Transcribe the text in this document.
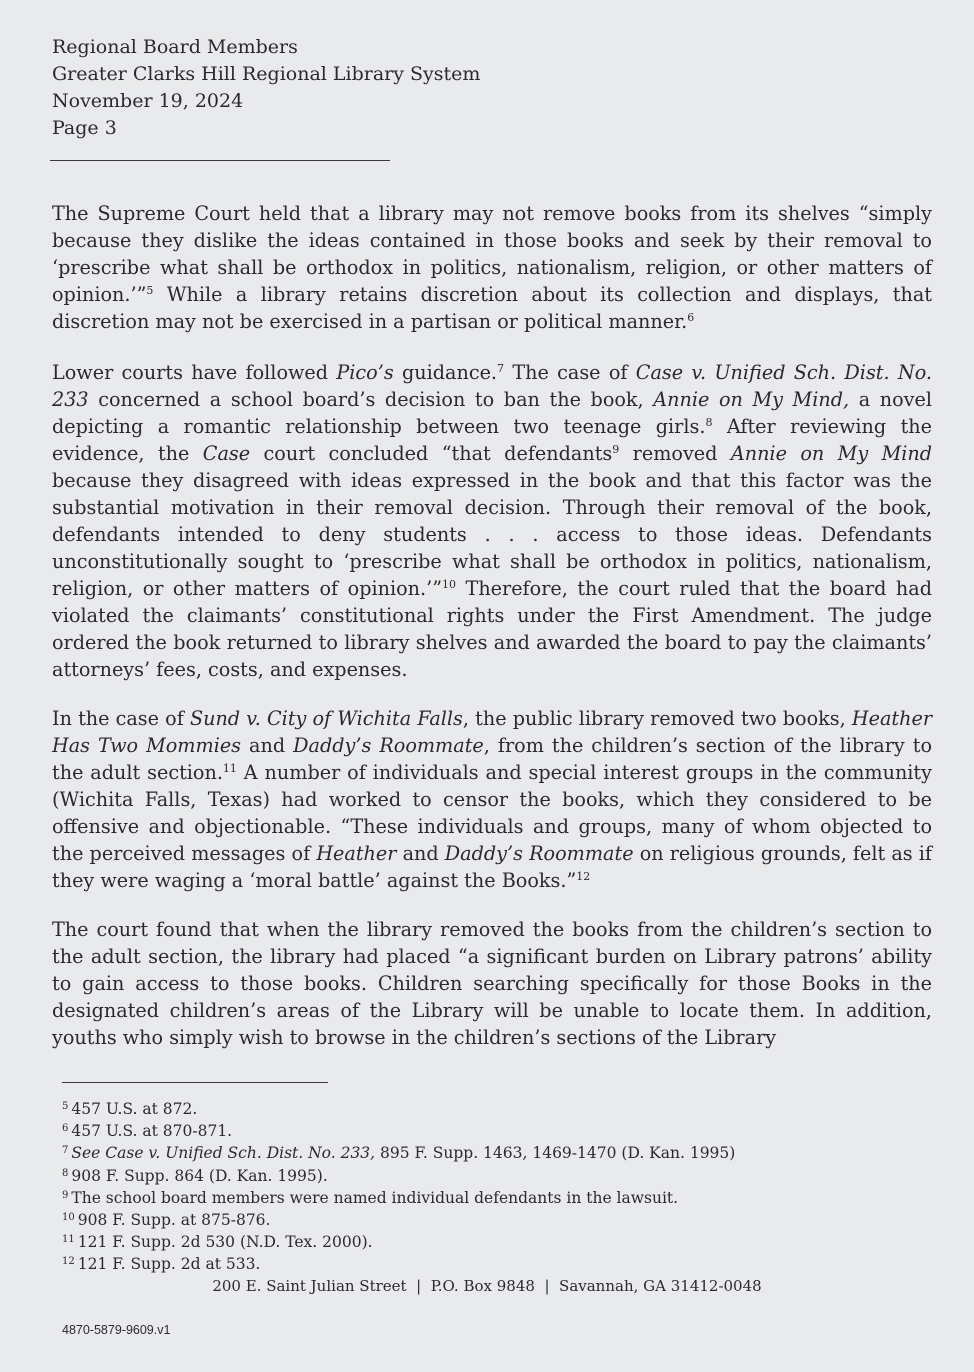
Regional Board Members
Greater Clarks Hill Regional Library System
November 19, 2024
Page 3

The Supreme Court held that a library may not remove books from its shelves “simply because they dislike the ideas contained in those books and seek by their removal to ‘prescribe what shall be orthodox in politics, nationalism, religion, or other matters of opinion.’”$^5$ While a library retains discretion about its collection and displays, that discretion may not be exercised in a partisan or political manner.$^6$

Lower courts have followed Pico’s guidance.$^7$ The case of Case v. Unified Sch. Dist. No. 233 concerned a school board’s decision to ban the book, Annie on My Mind, a novel depicting a romantic relationship between two teenage girls.$^8$ After reviewing the evidence, the Case court concluded “that defendants$^9$ removed Annie on My Mind because they disagreed with ideas expressed in the book and that this factor was the substantial motivation in their removal decision. Through their removal of the book, defendants intended to deny students . . . access to those ideas. Defendants unconstitutionally sought to ‘prescribe what shall be orthodox in politics, nationalism, religion, or other matters of opinion.’”$^{10}$ Therefore, the court ruled that the board had violated the claimants’ constitutional rights under the First Amendment. The judge ordered the book returned to library shelves and awarded the board to pay the claimants’ attorneys’ fees, costs, and expenses.

In the case of Sund v. City of Wichita Falls, the public library removed two books, Heather Has Two Mommies and Daddy’s Roommate, from the children’s section of the library to the adult section.$^{11}$ A number of individuals and special interest groups in the community (Wichita Falls, Texas) had worked to censor the books, which they considered to be offensive and objectionable. “These individuals and groups, many of whom objected to the perceived messages of Heather and Daddy’s Roommate on religious grounds, felt as if they were waging a ‘moral battle’ against the Books.”$^{12}$

The court found that when the library removed the books from the children’s section to the adult section, the library had placed “a significant burden on Library patrons’ ability to gain access to those books. Children searching specifically for those Books in the designated children’s areas of the Library will be unable to locate them. In addition, youths who simply wish to browse in the children’s sections of the Library

$^5$ 457 U.S. at 872.
$^6$ 457 U.S. at 870-871.
$^7$ See Case v. Unified Sch. Dist. No. 233, 895 F. Supp. 1463, 1469-1470 (D. Kan. 1995)
$^8$ 908 F. Supp. 864 (D. Kan. 1995).
$^9$ The school board members were named individual defendants in the lawsuit.
$^{10}$ 908 F. Supp. at 875-876.
$^{11}$ 121 F. Supp. 2d 530 (N.D. Tex. 2000).
$^{12}$ 121 F. Supp. 2d at 533.
200 E. Saint Julian Street  |  P.O. Box 9848  |  Savannah, GA 31412-0048
4870-5879-9609.v1
